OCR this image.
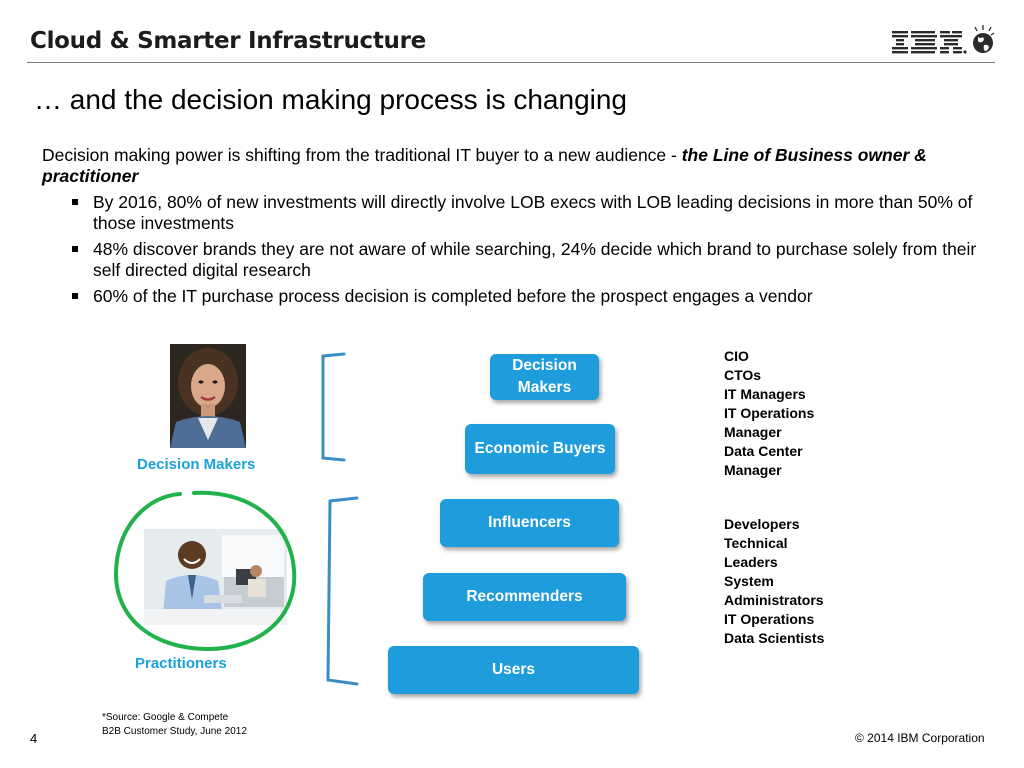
Cloud & Smarter Infrastructure
… and the decision making process is changing
Decision making power is shifting from the traditional IT buyer to a new audience - the Line of Business owner & practitioner
By 2016, 80% of new investments will directly involve LOB execs with LOB leading decisions in more than 50% of those investments
48% discover brands they are not aware of while searching, 24% decide which brand to purchase solely from their self directed digital research
60% of the IT purchase process decision is completed before the prospect engages a vendor
Decision Makers
Practitioners
Decision Makers
Economic Buyers
Influencers
Recommenders
Users
CIO
CTOs
IT Managers
IT Operations
Manager
Data Center
Manager
Developers
Technical
Leaders
System
Administrators
IT Operations
Data Scientists
*Source: Google & Compete
B2B Customer Study, June 2012
4	© 2014 IBM Corporation
